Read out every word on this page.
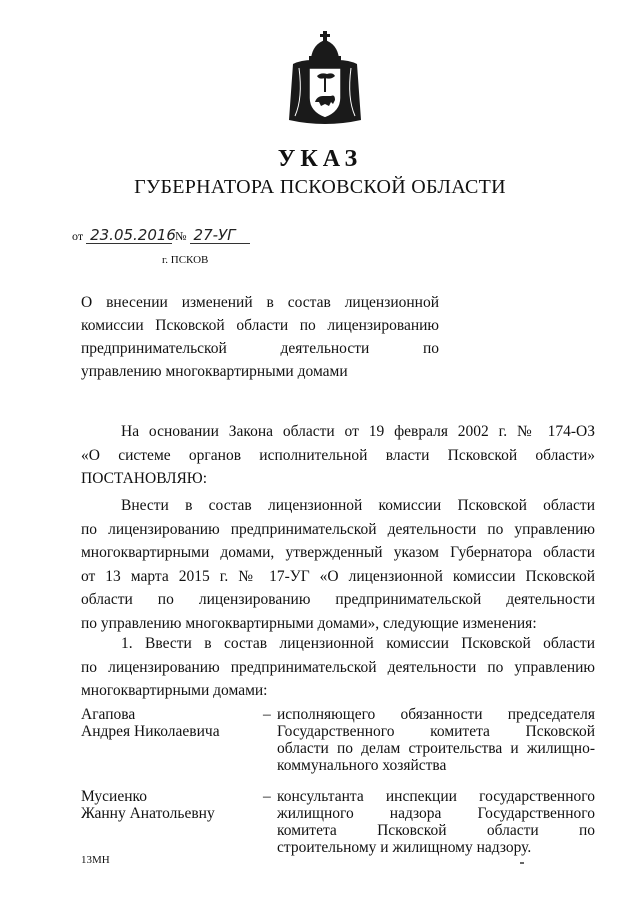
УКАЗ
ГУБЕРНАТОРА ПСКОВСКОЙ ОБЛАСТИ
от 23.05.2016 № 27-УГ
г. ПСКОВ
О внесении изменений в состав лицензионной
комиссии Псковской области по лицензированию
предпринимательской деятельности по
управлению многоквартирными домами
На основании Закона области от 19 февраля 2002 г. № 174-ОЗ
«О системе органов исполнительной власти Псковской области»
ПОСТАНОВЛЯЮ:
Внести в состав лицензионной комиссии Псковской области
по лицензированию предпринимательской деятельности по управлению
многоквартирными домами, утвержденный указом Губернатора области
от 13 марта 2015 г. № 17-УГ «О лицензионной комиссии Псковской
области по лицензированию предпринимательской деятельности
по управлению многоквартирными домами», следующие изменения:
1. Ввести в состав лицензионной комиссии Псковской области
по лицензированию предпринимательской деятельности по управлению
многоквартирными домами:
Агапова
Андрея Николаевича
– исполняющего обязанности председателя
Государственного комитета Псковской
области по делам строительства и жилищно-
коммунального хозяйства
Мусиенко
Жанну Анатольевну
– консультанта инспекции государственного
жилищного надзора Государственного
комитета Псковской области по
строительному и жилищному надзору.
13МН
